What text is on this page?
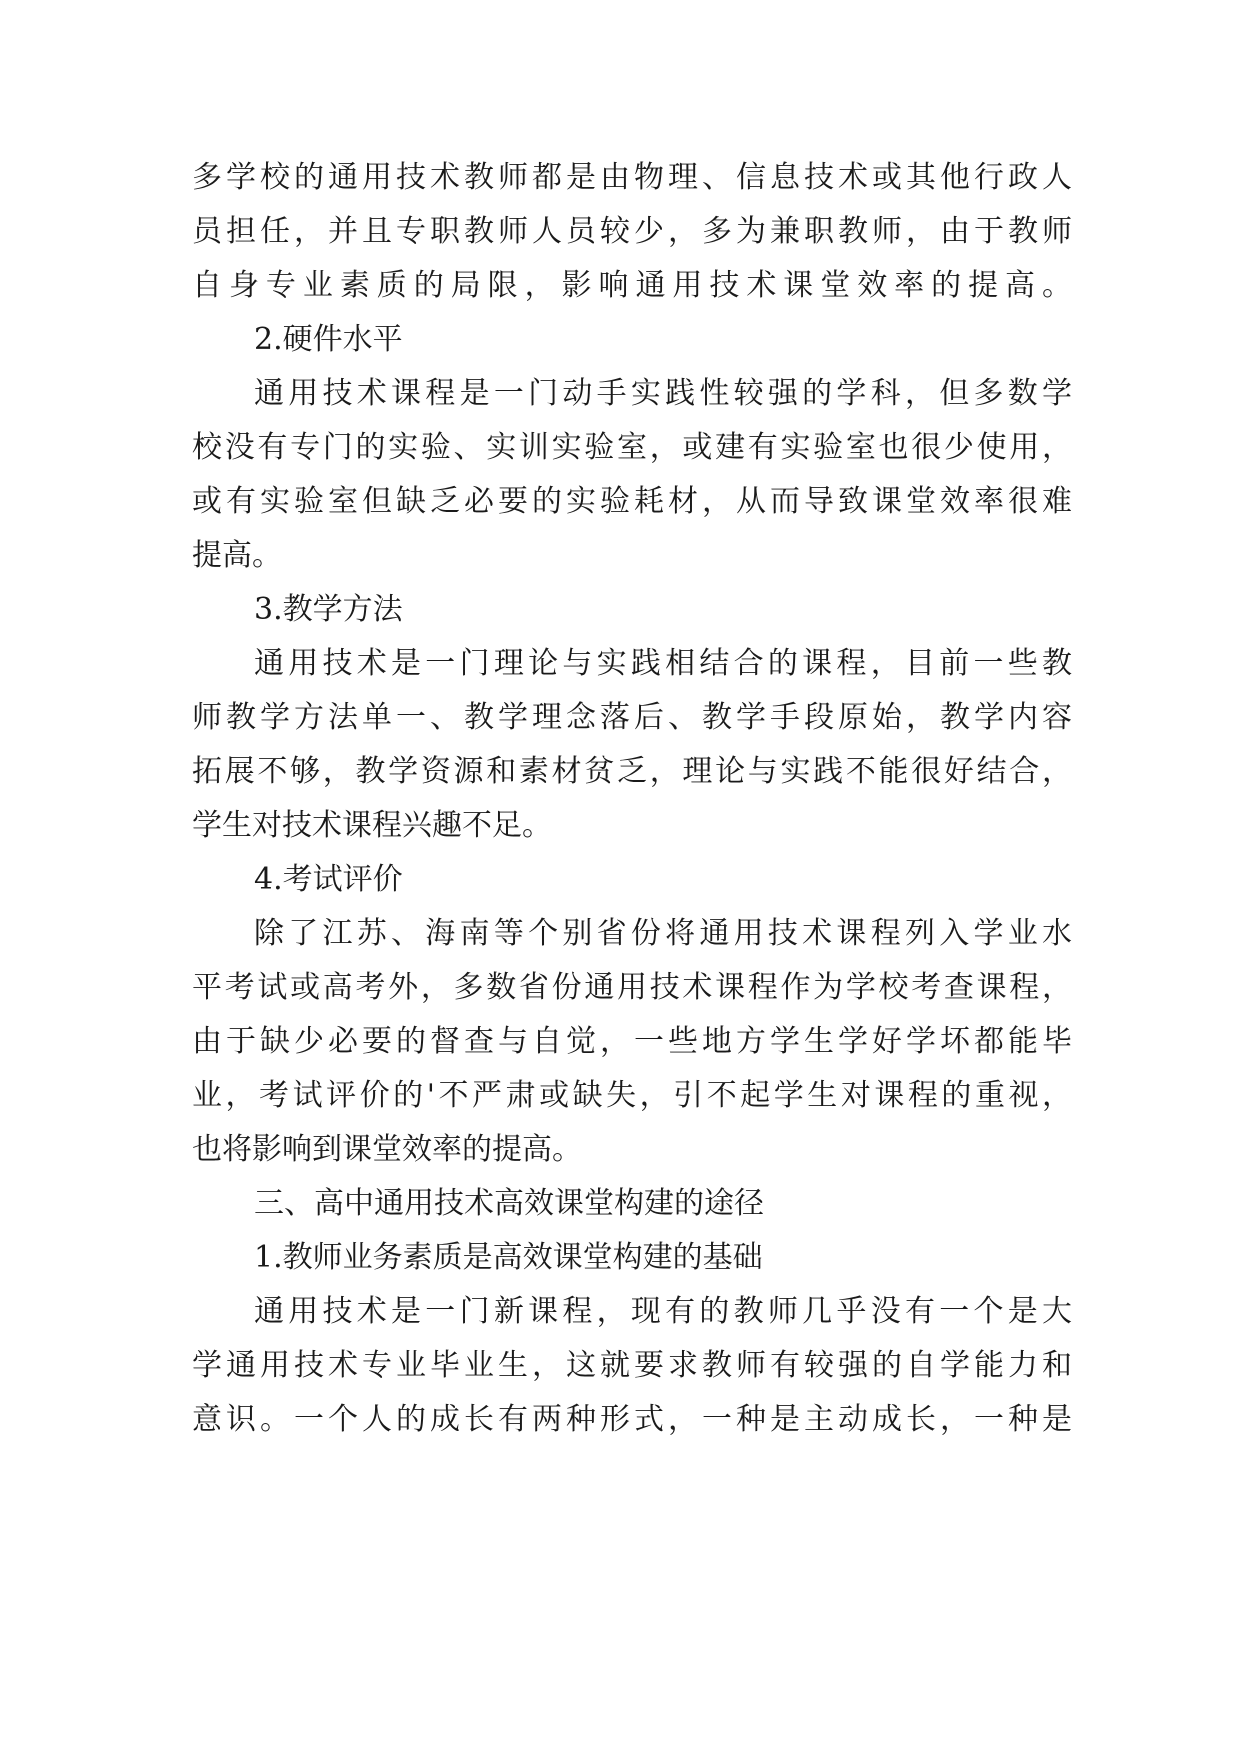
多学校的通用技术教师都是由物理、信息技术或其他行政人

员担任，并且专职教师人员较少，多为兼职教师，由于教师

自身专业素质的局限，影响通用技术课堂效率的提高。

2.硬件水平

通用技术课程是一门动手实践性较强的学科，但多数学

校没有专门的实验、实训实验室，或建有实验室也很少使用，

或有实验室但缺乏必要的实验耗材，从而导致课堂效率很难

提高。

3.教学方法

通用技术是一门理论与实践相结合的课程，目前一些教

师教学方法单一、教学理念落后、教学手段原始，教学内容

拓展不够，教学资源和素材贫乏，理论与实践不能很好结合，

学生对技术课程兴趣不足。

4.考试评价

除了江苏、海南等个别省份将通用技术课程列入学业水

平考试或高考外，多数省份通用技术课程作为学校考查课程，

由于缺少必要的督查与自觉，一些地方学生学好学坏都能毕

业，考试评价的'不严肃或缺失，引不起学生对课程的重视，

也将影响到课堂效率的提高。

三、高中通用技术高效课堂构建的途径

1.教师业务素质是高效课堂构建的基础

通用技术是一门新课程，现有的教师几乎没有一个是大

学通用技术专业毕业生，这就要求教师有较强的自学能力和

意识。一个人的成长有两种形式，一种是主动成长，一种是
